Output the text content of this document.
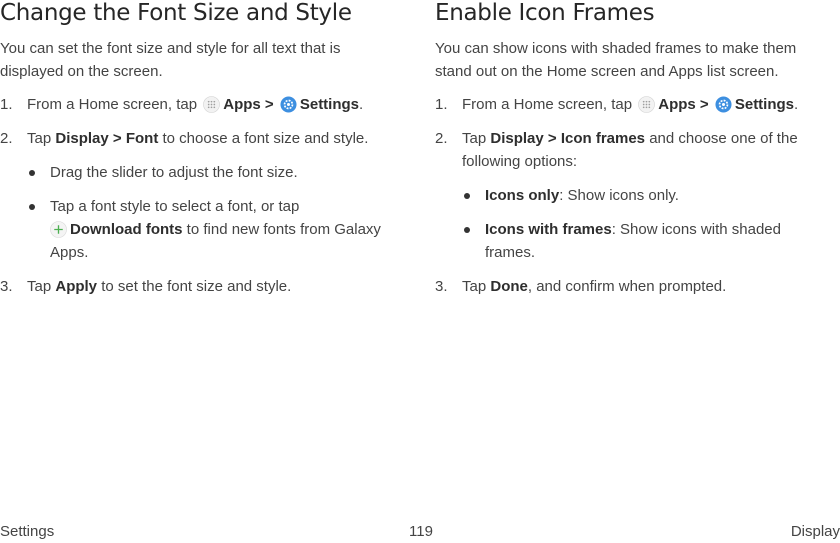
Change the Font Size and Style

You can set the font size and style for all text that is displayed on the screen.

1. From a Home screen, tap Apps > Settings.
2. Tap Display > Font to choose a font size and style.
Drag the slider to adjust the font size.
Tap a font style to select a font, or tap
Download fonts to find new fonts from Galaxy Apps.
3. Tap Apply to set the font size and style.
Enable Icon Frames

You can show icons with shaded frames to make them stand out on the Home screen and Apps list screen.

1. From a Home screen, tap Apps > Settings.
2. Tap Display > Icon frames and choose one of the following options:
Icons only: Show icons only.
Icons with frames: Show icons with shaded frames.
3. Tap Done, and confirm when prompted.
Settings	119	Display
